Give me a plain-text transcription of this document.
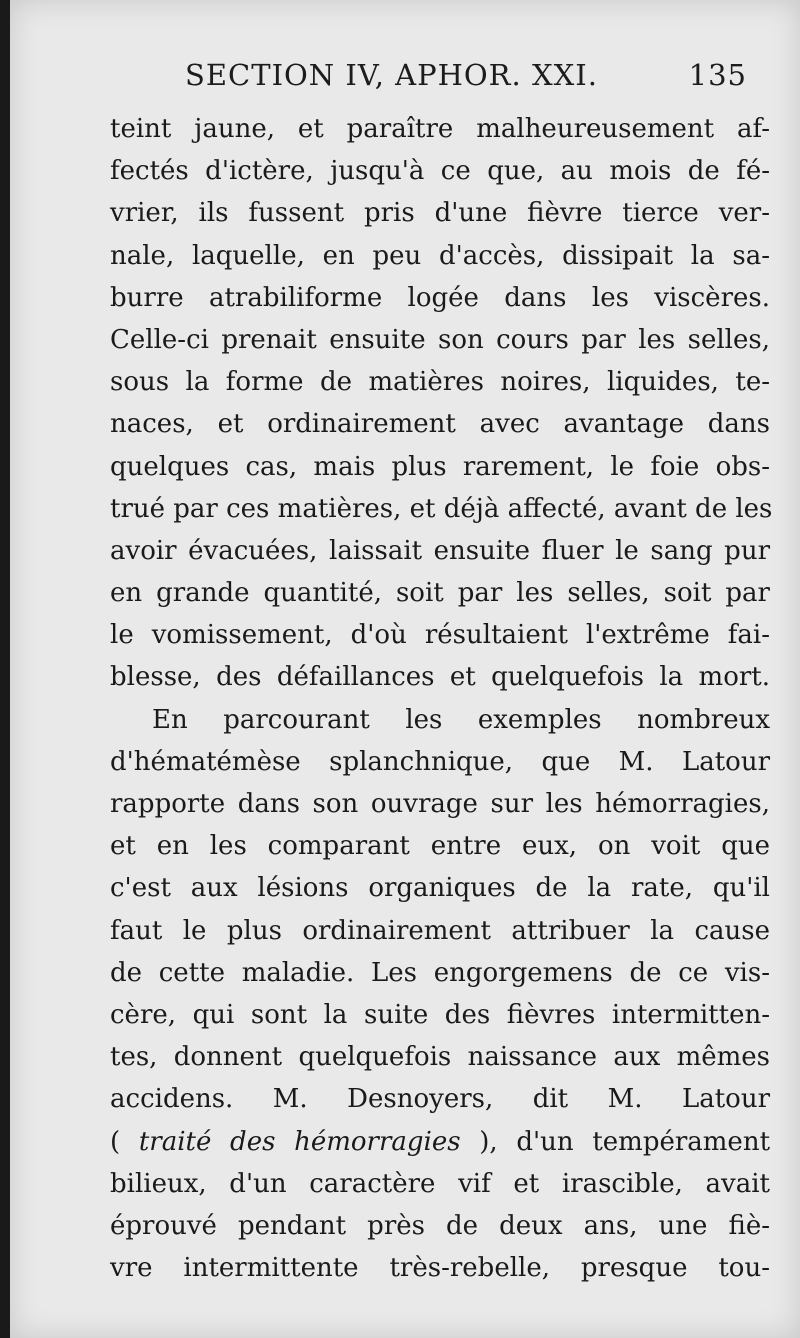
SECTION IV, APHOR. XXI.	135
teint jaune, et paraître malheureusement af-
fectés d'ictère, jusqu'à ce que, au mois de fé-
vrier, ils fussent pris d'une fièvre tierce ver-
nale, laquelle, en peu d'accès, dissipait la sa-
burre atrabiliforme logée dans les viscères.
Celle-ci prenait ensuite son cours par les selles,
sous la forme de matières noires, liquides, te-
naces, et ordinairement avec avantage dans
quelques cas, mais plus rarement, le foie obs-
trué par ces matières, et déjà affecté, avant de les
avoir évacuées, laissait ensuite fluer le sang pur
en grande quantité, soit par les selles, soit par
le vomissement, d'où résultaient l'extrême fai-
blesse, des défaillances et quelquefois la mort.
En parcourant les exemples nombreux
d'hématémèse splanchnique, que M. Latour
rapporte dans son ouvrage sur les hémorragies,
et en les comparant entre eux, on voit que
c'est aux lésions organiques de la rate, qu'il
faut le plus ordinairement attribuer la cause
de cette maladie. Les engorgemens de ce vis-
cère, qui sont la suite des fièvres intermitten-
tes, donnent quelquefois naissance aux mêmes
accidens. M. Desnoyers, dit M. Latour
( traité des hémorragies ), d'un tempérament
bilieux, d'un caractère vif et irascible, avait
éprouvé pendant près de deux ans, une fiè-
vre intermittente très-rebelle, presque tou-
